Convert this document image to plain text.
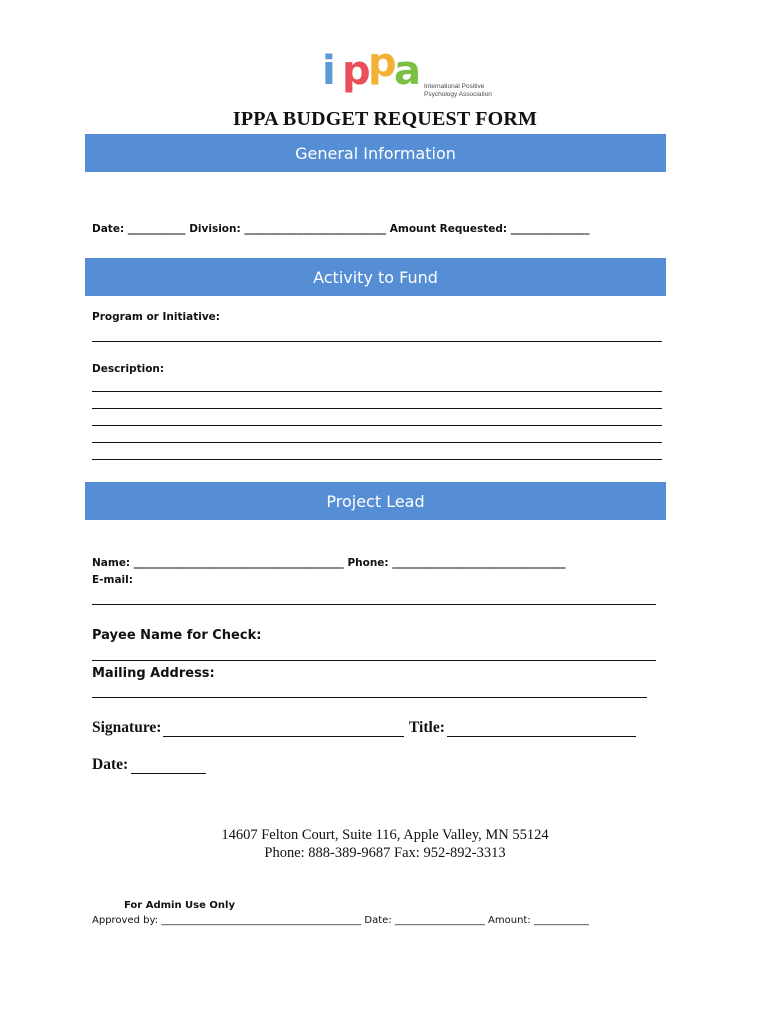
i p
p
a International Positive
Psychology Association
IPPA BUDGET REQUEST FORM
General Information
Date: ___________ Division: ___________________________ Amount Requested: _______________
Activity to Fund
Program or Initiative:
Description:
Project Lead
Name: ________________________________________ Phone: _________________________________
E-mail:
Payee Name for Check:
Mailing Address:
Signature:	Title:
Date:
14607 Felton Court, Suite 116, Apple Valley, MN 55124
Phone: 888-389-9687 Fax: 952-892-3313
For Admin Use Only
Approved by: ________________________________________ Date: __________________ Amount: ___________
